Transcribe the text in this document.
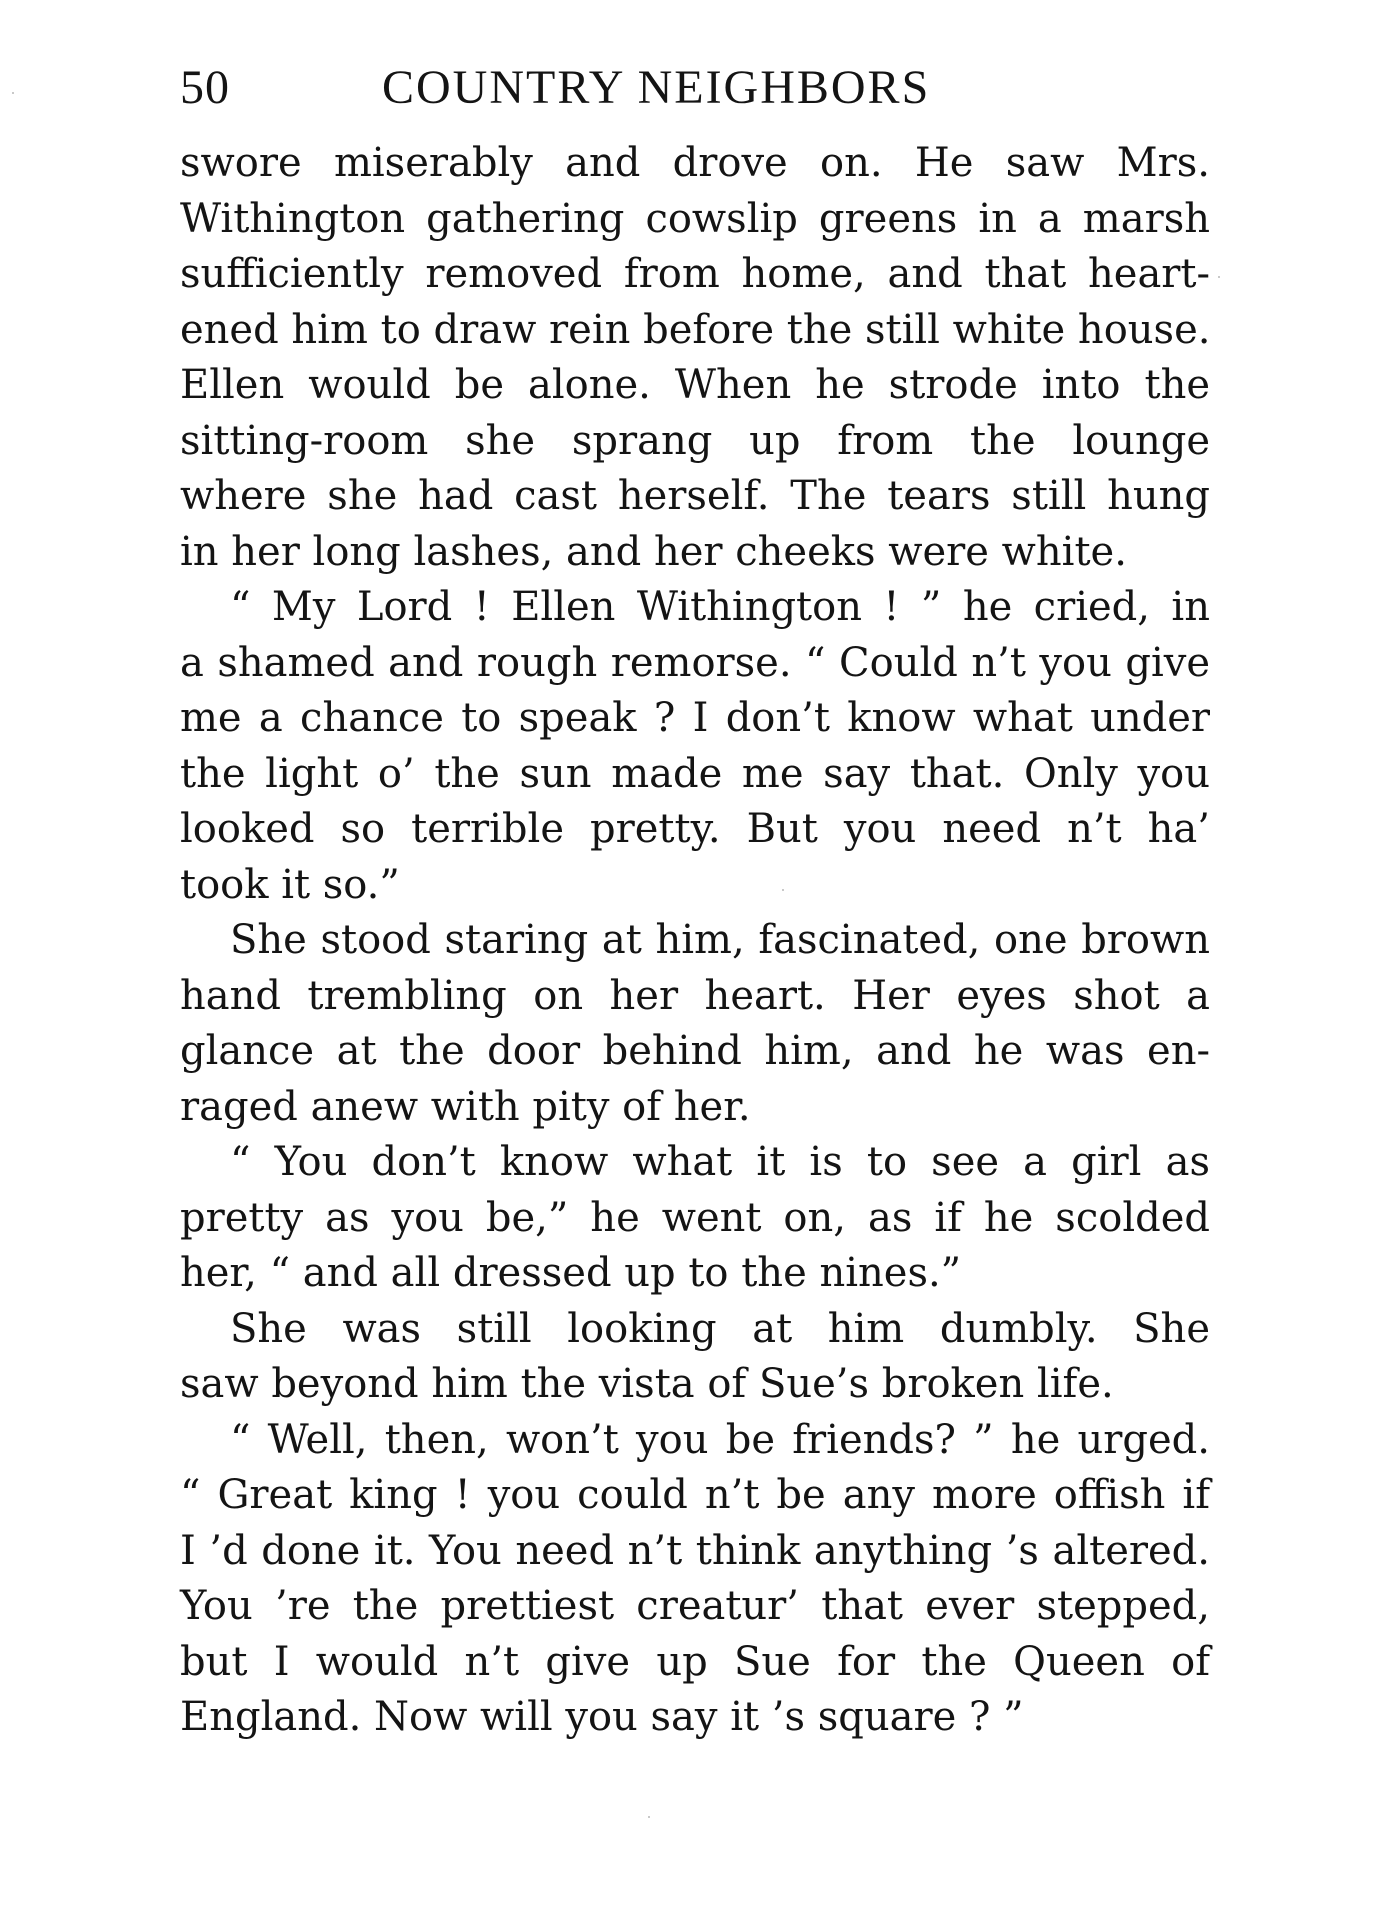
50	COUNTRY NEIGHBORS
swore miserably and drove on. He saw Mrs.
Withington gathering cowslip greens in a marsh
sufficiently removed from home, and that heart-
ened him to draw rein before the still white house.
Ellen would be alone. When he strode into the
sitting-room she sprang up from the lounge
where she had cast herself. The tears still hung
in her long lashes, and her cheeks were white.
“ My Lord ! Ellen Withington ! ” he cried, in
a shamed and rough remorse. “ Could n’t you give
me a chance to speak ? I don’t know what under
the light o’ the sun made me say that. Only you
looked so terrible pretty. But you need n’t ha’
took it so.”
She stood staring at him, fascinated, one brown
hand trembling on her heart. Her eyes shot a
glance at the door behind him, and he was en-
raged anew with pity of her.
“ You don’t know what it is to see a girl as
pretty as you be,” he went on, as if he scolded
her, “ and all dressed up to the nines.”
She was still looking at him dumbly. She
saw beyond him the vista of Sue’s broken life.
“ Well, then, won’t you be friends? ” he urged.
“ Great king ! you could n’t be any more offish if
I ’d done it. You need n’t think anything ’s altered.
You ’re the prettiest creatur’ that ever stepped,
but I would n’t give up Sue for the Queen of
England. Now will you say it ’s square ? ”
